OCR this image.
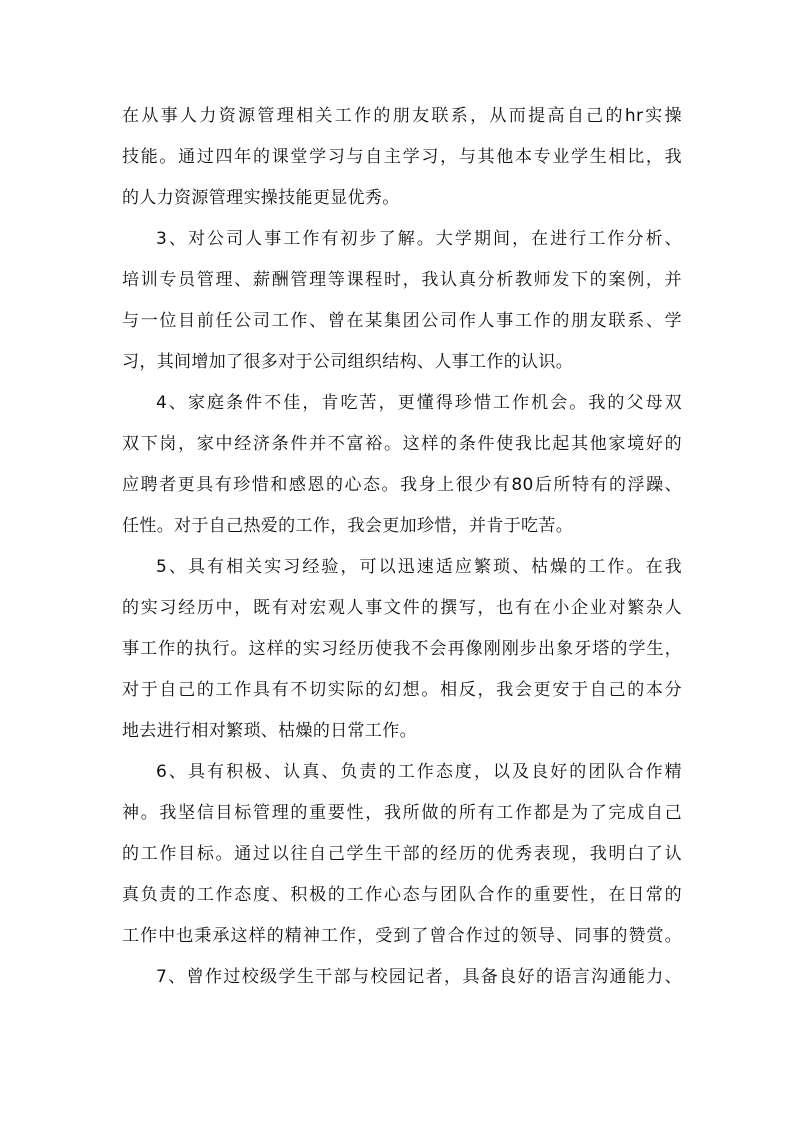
在从事人力资源管理相关工作的朋友联系，从而提高自己的hr实操
技能。通过四年的课堂学习与自主学习，与其他本专业学生相比，我
的人力资源管理实操技能更显优秀。
3、对公司人事工作有初步了解。大学期间，在进行工作分析、
培训专员管理、薪酬管理等课程时，我认真分析教师发下的案例，并
与一位目前任公司工作、曾在某集团公司作人事工作的朋友联系、学
习，其间增加了很多对于公司组织结构、人事工作的认识。
4、家庭条件不佳，肯吃苦，更懂得珍惜工作机会。我的父母双
双下岗，家中经济条件并不富裕。这样的条件使我比起其他家境好的
应聘者更具有珍惜和感恩的心态。我身上很少有80后所特有的浮躁、
任性。对于自己热爱的工作，我会更加珍惜，并肯于吃苦。
5、具有相关实习经验，可以迅速适应繁琐、枯燥的工作。在我
的实习经历中，既有对宏观人事文件的撰写，也有在小企业对繁杂人
事工作的执行。这样的实习经历使我不会再像刚刚步出象牙塔的学生，
对于自己的工作具有不切实际的幻想。相反，我会更安于自己的本分
地去进行相对繁琐、枯燥的日常工作。
6、具有积极、认真、负责的工作态度，以及良好的团队合作精
神。我坚信目标管理的重要性，我所做的所有工作都是为了完成自己
的工作目标。通过以往自己学生干部的经历的优秀表现，我明白了认
真负责的工作态度、积极的工作心态与团队合作的重要性，在日常的
工作中也秉承这样的精神工作，受到了曾合作过的领导、同事的赞赏。
7、曾作过校级学生干部与校园记者，具备良好的语言沟通能力、
